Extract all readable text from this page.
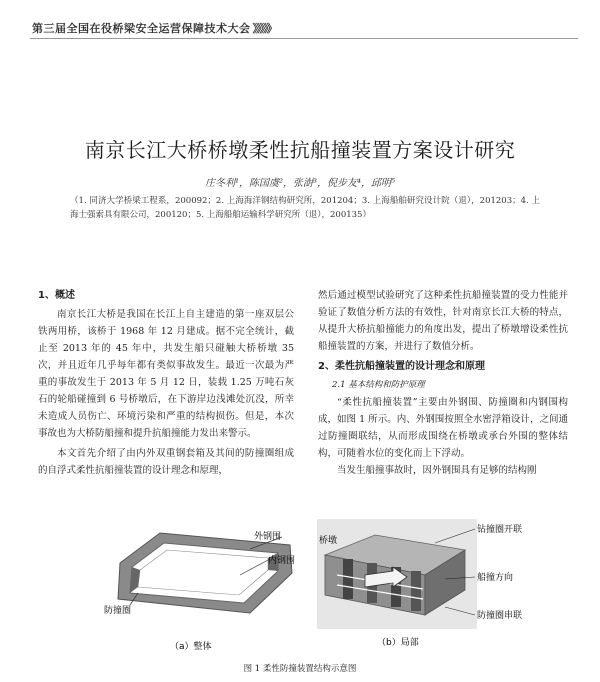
第三届全国在役桥梁安全运营保障技术大会 》》》》》
南京长江大桥桥墩柔性抗船撞装置方案设计研究
庄冬利¹，陈国虞²，张澍³，倪步友⁴，邱明⁵
（1. 同济大学桥梁工程系，200092；2. 上海海洋钢结构研究所，201204；3. 上海船舶研究设计院（退），201203；4. 上海士强索具有限公司，200120；5. 上海船舶运输科学研究所（退），200135）

1、概述

南京长江大桥是我国在长江上自主建造的第一座双层公铁两用桥，该桥于 1968 年 12 月建成。据不完全统计，截止至 2013 年的 45 年中，共发生船只碰触大桥桥墩 35 次，并且近年几乎每年都有类似事故发生。最近一次最为严重的事故发生于 2013 年 5 月 12 日，装载 1.25 万吨石灰石的轮船碰撞到 6 号桥墩后，在下游岸边浅滩处沉没，所幸未造成人员伤亡、环境污染和严重的结构损伤。但是，本次事故也为大桥防船撞和提升抗船撞能力发出来警示。

本文首先介绍了由内外双重钢套箱及其间的防撞圈组成的自浮式柔性抗船撞装置的设计理念和原理，

然后通过模型试验研究了这种柔性抗船撞装置的受力性能并验证了数值分析方法的有效性，针对南京长江大桥的特点，从提升大桥抗船撞能力的角度出发，提出了桥墩增设柔性抗船撞装置的方案，并进行了数值分析。

2、柔性抗船撞装置的设计理念和原理

2.1 基本结构和防护原理

“柔性抗船撞装置”主要由外钢围、防撞圈和内钢围构成，如图 1 所示。内、外钢围按照全水密浮箱设计，之间通过防撞圈联结，从而形成围绕在桥墩或承台外围的整体结构，可随着水位的变化而上下浮动。

当发生船撞事故时，因外钢围具有足够的结构刚

外钢围
内钢围
防撞圈
（a）整体
桥墩
钻撞圈开联
船撞方向
防撞圈串联
（b）局部
图 1 柔性防撞装置结构示意图
